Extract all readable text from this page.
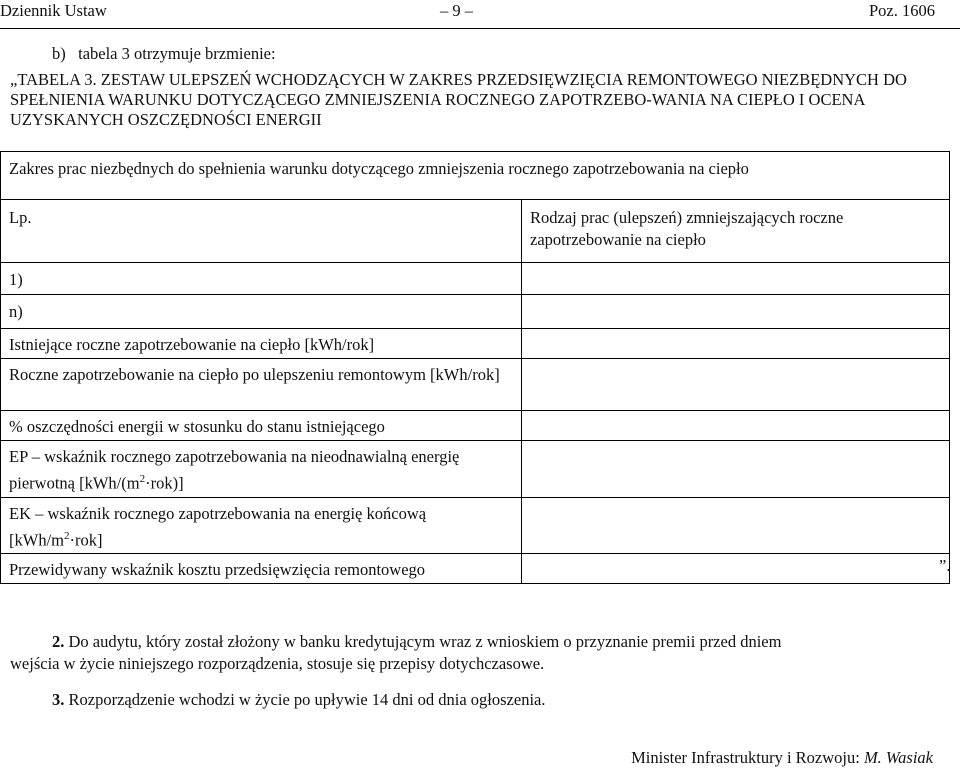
Dziennik Ustaw	– 9 –	Poz. 1606
b)   tabela 3 otrzymuje brzmienie:
„TABELA 3. ZESTAW ULEPSZEŃ WCHODZĄCYCH W ZAKRES PRZEDSIĘWZIĘCIA REMONTOWEGO NIEZBĘDNYCH DO SPEŁNIENIA WARUNKU DOTYCZĄCEGO ZMNIEJSZENIA ROCZNEGO ZAPOTRZEBO-WANIA NA CIEPŁO I OCENA UZYSKANYCH OSZCZĘDNOŚCI ENERGII
Zakres prac niezbędnych do spełnienia warunku dotyczącego zmniejszenia rocznego zapotrzebowania na ciepło	
Lp.	Rodzaj prac (ulepszeń) zmniejszających roczne zapotrzebowanie na ciepło
1)	
n)	
Istniejące roczne zapotrzebowanie na ciepło [kWh/rok]	
Roczne zapotrzebowanie na ciepło po ulepszeniu remontowym [kWh/rok]	
% oszczędności energii w stosunku do stanu istniejącego	
EP – wskaźnik rocznego zapotrzebowania na nieodnawialną energię pierwotną $[kWh/(m^2\cdot rok)]$	
EK – wskaźnik rocznego zapotrzebowania na energię końcową $[kWh/m^2\cdot rok]$	
Przewidywany wskaźnik kosztu przedsięwzięcia remontowego		”.
2. Do audytu, który został złożony w banku kredytującym wraz z wnioskiem o przyznanie premii przed dniem
wejścia w życie niniejszego rozporządzenia, stosuje się przepisy dotychczasowe.
3. Rozporządzenie wchodzi w życie po upływie 14 dni od dnia ogłoszenia.
Minister Infrastruktury i Rozwoju: M. Wasiak
